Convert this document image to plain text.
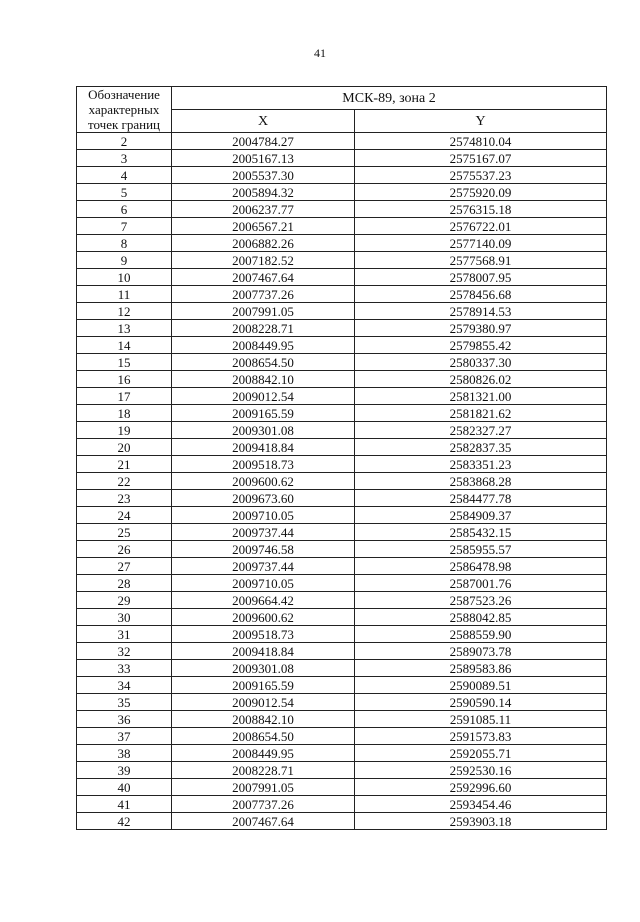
41
Обозначение
характерных
точек границ	МСК-89, зона 2	
	X	Y
2	2004784.27	2574810.04
3	2005167.13	2575167.07
4	2005537.30	2575537.23
5	2005894.32	2575920.09
6	2006237.77	2576315.18
7	2006567.21	2576722.01
8	2006882.26	2577140.09
9	2007182.52	2577568.91
10	2007467.64	2578007.95
11	2007737.26	2578456.68
12	2007991.05	2578914.53
13	2008228.71	2579380.97
14	2008449.95	2579855.42
15	2008654.50	2580337.30
16	2008842.10	2580826.02
17	2009012.54	2581321.00
18	2009165.59	2581821.62
19	2009301.08	2582327.27
20	2009418.84	2582837.35
21	2009518.73	2583351.23
22	2009600.62	2583868.28
23	2009673.60	2584477.78
24	2009710.05	2584909.37
25	2009737.44	2585432.15
26	2009746.58	2585955.57
27	2009737.44	2586478.98
28	2009710.05	2587001.76
29	2009664.42	2587523.26
30	2009600.62	2588042.85
31	2009518.73	2588559.90
32	2009418.84	2589073.78
33	2009301.08	2589583.86
34	2009165.59	2590089.51
35	2009012.54	2590590.14
36	2008842.10	2591085.11
37	2008654.50	2591573.83
38	2008449.95	2592055.71
39	2008228.71	2592530.16
40	2007991.05	2592996.60
41	2007737.26	2593454.46
42	2007467.64	2593903.18
